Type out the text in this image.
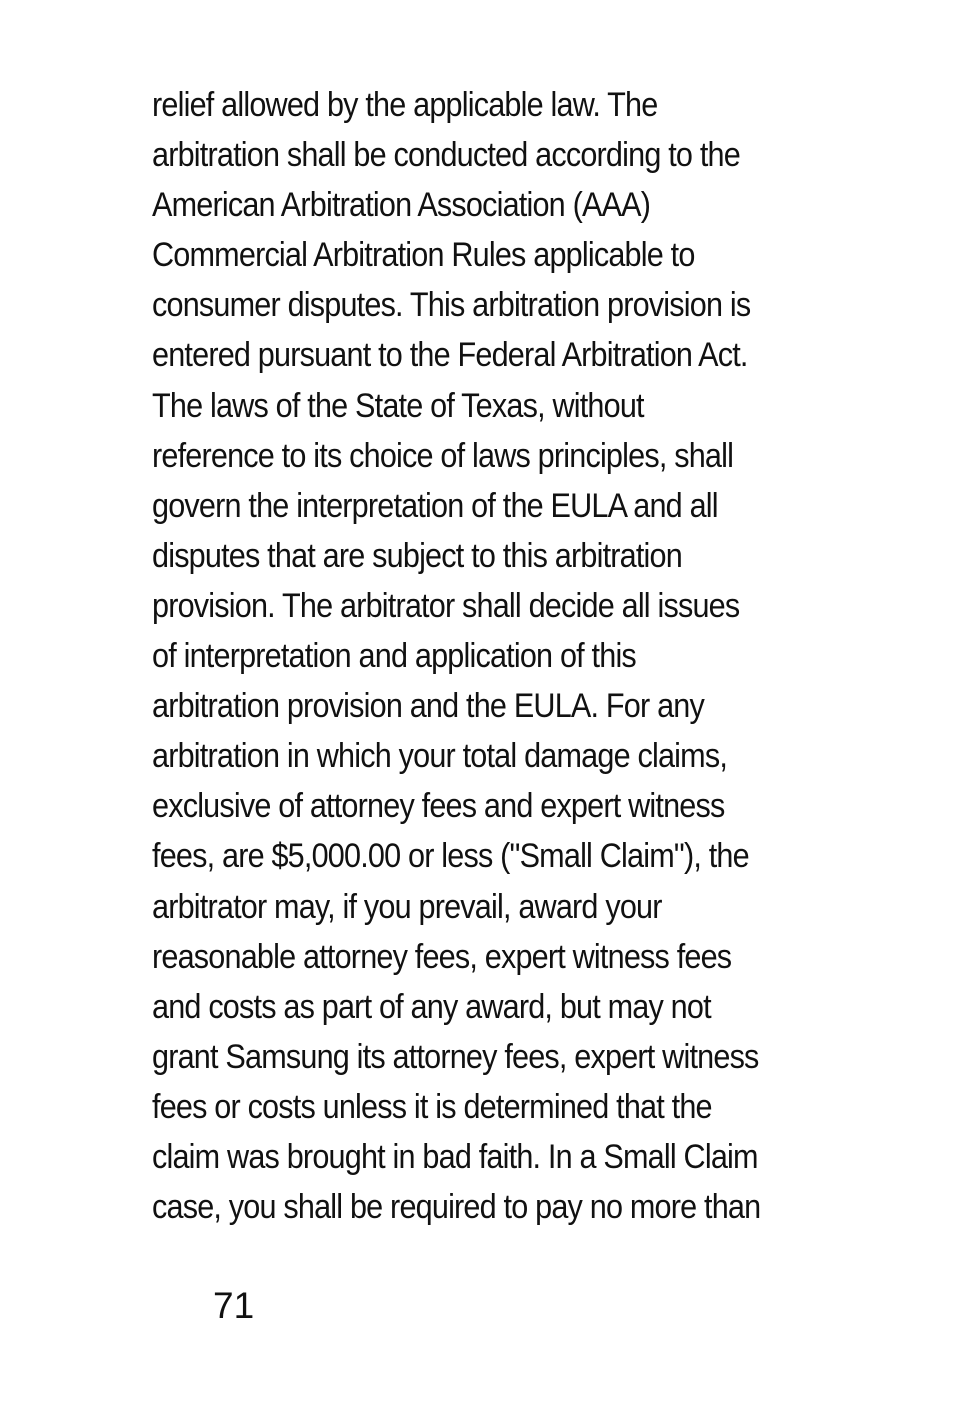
relief allowed by the applicable law. The
arbitration shall be conducted according to the
American Arbitration Association (AAA)
Commercial Arbitration Rules applicable to
consumer disputes. This arbitration provision is
entered pursuant to the Federal Arbitration Act.
The laws of the State of Texas, without
reference to its choice of laws principles, shall
govern the interpretation of the EULA and all
disputes that are subject to this arbitration
provision. The arbitrator shall decide all issues
of interpretation and application of this
arbitration provision and the EULA. For any
arbitration in which your total damage claims,
exclusive of attorney fees and expert witness
fees, are $5,000.00 or less ("Small Claim"), the
arbitrator may, if you prevail, award your
reasonable attorney fees, expert witness fees
and costs as part of any award, but may not
grant Samsung its attorney fees, expert witness
fees or costs unless it is determined that the
claim was brought in bad faith. In a Small Claim
case, you shall be required to pay no more than
71
